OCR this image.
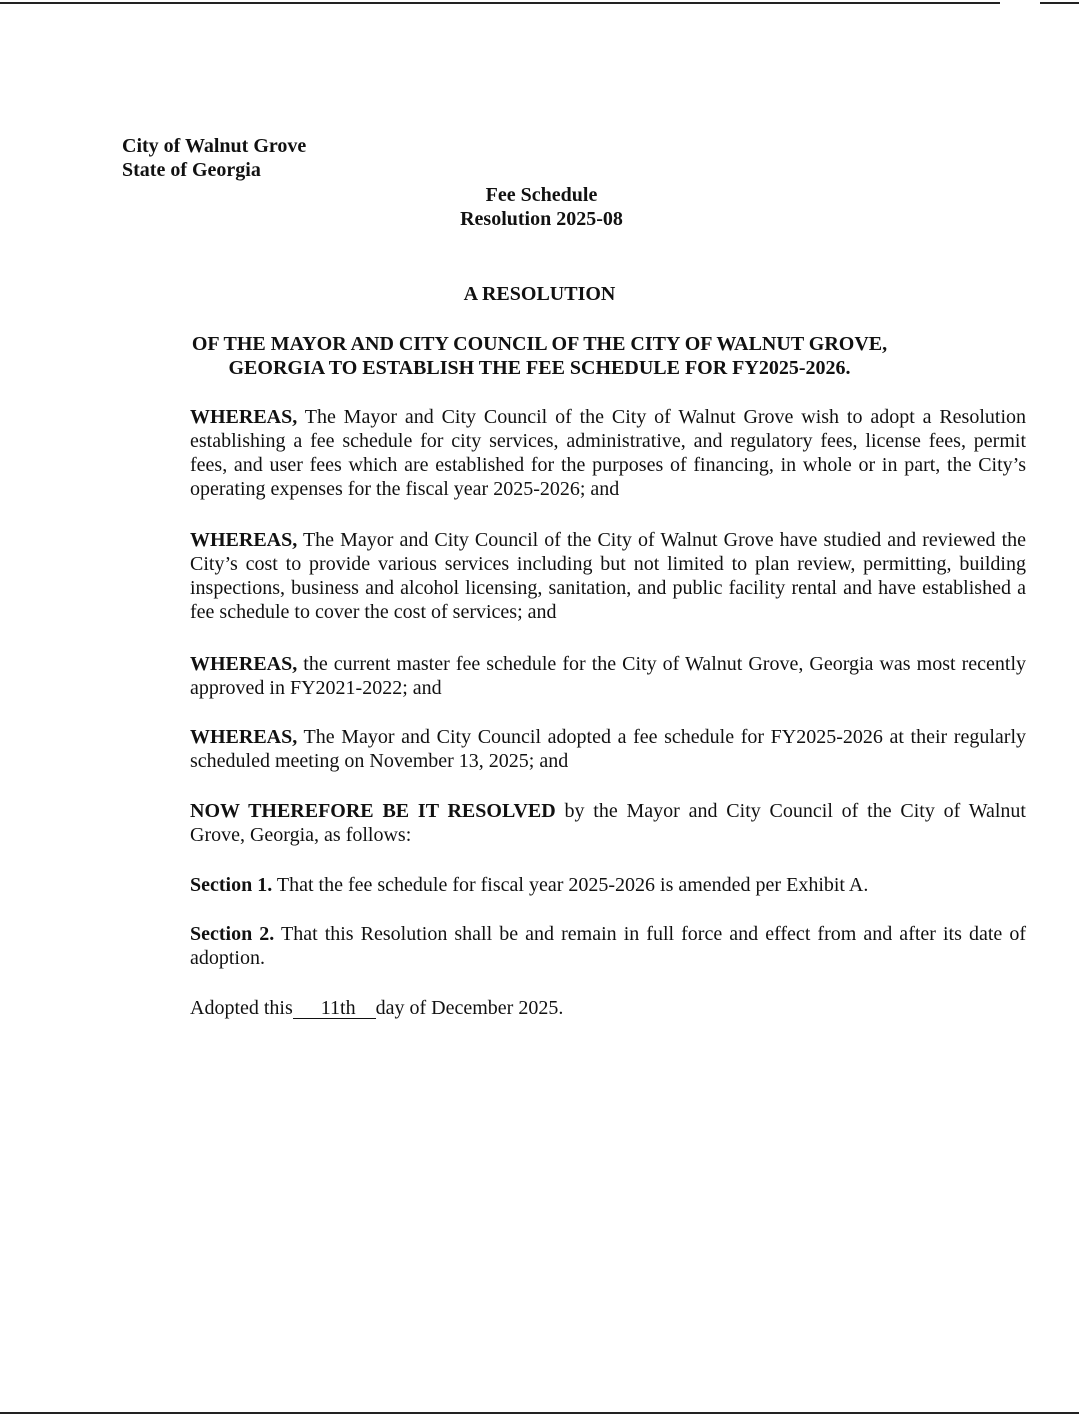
City of Walnut Grove
State of Georgia
Fee Schedule
Resolution 2025-08
A RESOLUTION
OF THE MAYOR AND CITY COUNCIL OF THE CITY OF WALNUT GROVE,
GEORGIA TO ESTABLISH THE FEE SCHEDULE FOR FY2025-2026.
WHEREAS, The Mayor and City Council of the City of Walnut Grove wish to adopt a Resolution establishing a fee schedule for city services, administrative, and regulatory fees, license fees, permit fees, and user fees which are established for the purposes of financing, in whole or in part, the City’s operating expenses for the fiscal year 2025-2026; and
WHEREAS, The Mayor and City Council of the City of Walnut Grove have studied and reviewed the City’s cost to provide various services including but not limited to plan review, permitting, building inspections, business and alcohol licensing, sanitation, and public facility rental and have established a fee schedule to cover the cost of services; and
WHEREAS, the current master fee schedule for the City of Walnut Grove, Georgia was most recently approved in FY2021-2022; and
WHEREAS, The Mayor and City Council adopted a fee schedule for FY2025-2026 at their regularly scheduled meeting on November 13, 2025; and
NOW THEREFORE BE IT RESOLVED by the Mayor and City Council of the City of Walnut Grove, Georgia, as follows:
Section 1. That the fee schedule for fiscal year 2025-2026 is amended per Exhibit A.
Section 2. That this Resolution shall be and remain in full force and effect from and after its date of adoption.
Adopted this 11th day of December 2025.
